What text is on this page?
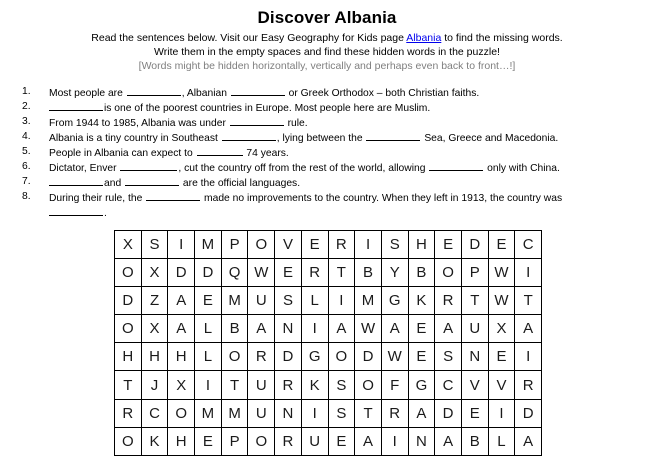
Discover Albania
Read the sentences below. Visit our Easy Geography for Kids page Albania to find the missing words.
Write them in the empty spaces and find these hidden words in the puzzle!
[Words might be hidden horizontally, vertically and perhaps even back to front…!]
1. Most people are	, Albanian	or Greek Orthodox – both Christian faiths.
2.	is one of the poorest countries in Europe. Most people here are Muslim.
3. From 1944 to 1985, Albania was under	rule.
4. Albania is a tiny country in Southeast	, lying between the	Sea, Greece and Macedonia.
5. People in Albania can expect to	74 years.
6. Dictator, Enver	, cut the country off from the rest of the world, allowing	only with China.
7.	and	are the official languages.
8. During their rule, the	made no improvements to the country. When they left in 1913, the country was
.
X	S	I	M	P	O	V	E	R	I	S	H	E	D	E	C
O	X	D	D	Q	W	E	R	T	B	Y	B	O	P	W	I
D	Z	A	E	M	U	S	L	I	M	G	K	R	T	W	T
O	X	A	L	B	A	N	I	A	W	A	E	A	U	X	A
H	H	H	L	O	R	D	G	O	D	W	E	S	N	E	I
T	J	X	I	T	U	R	K	S	O	F	G	C	V	V	R
R	C	O	M	M	U	N	I	S	T	R	A	D	E	I	D
O	K	H	E	P	O	R	U	E	A	I	N	A	B	L	A
